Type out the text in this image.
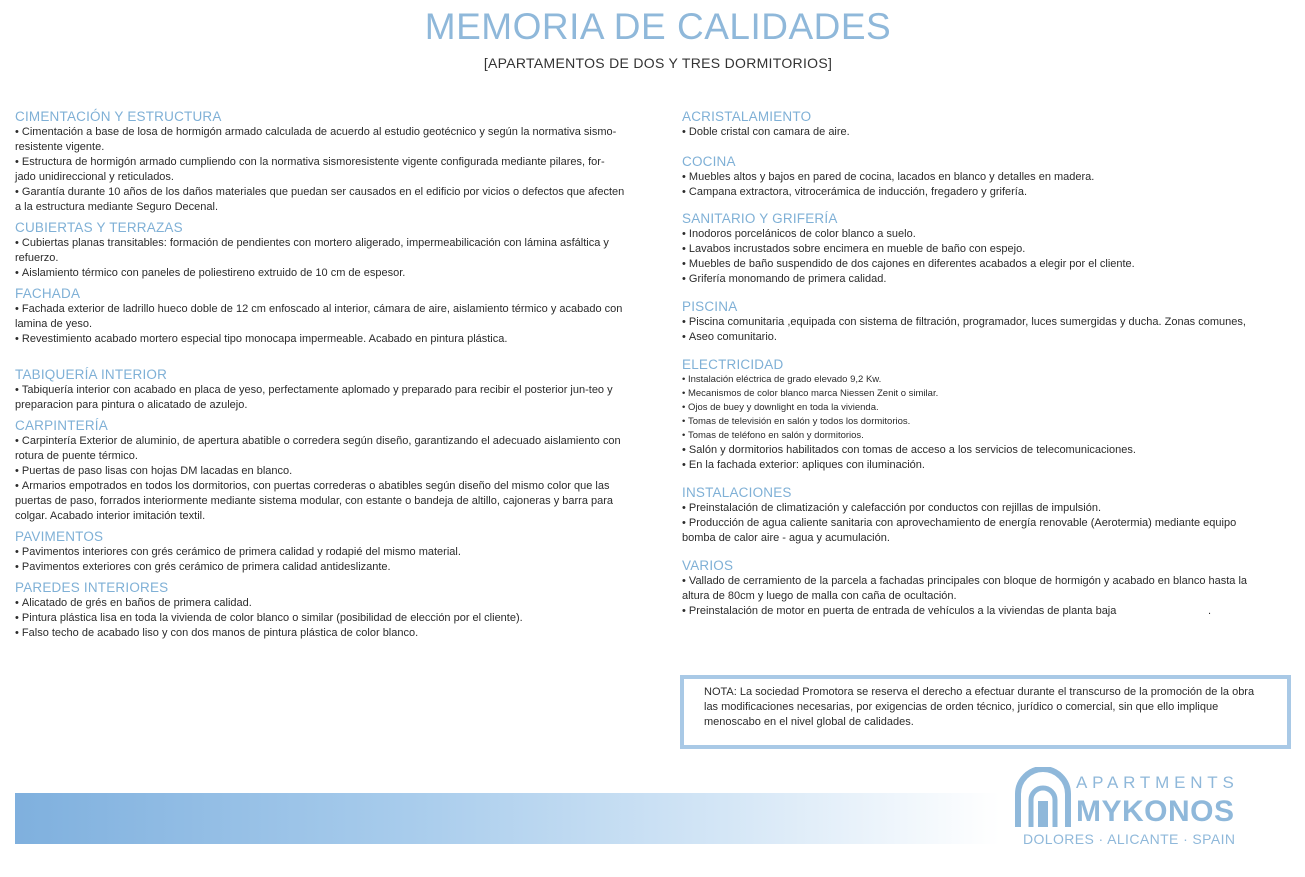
MEMORIA DE CALIDADES
[APARTAMENTOS DE DOS Y TRES DORMITORIOS]
CIMENTACIÓN Y ESTRUCTURA
• Cimentación a base de losa de hormigón armado calculada de acuerdo al estudio geotécnico y según la normativa sismo-resistente vigente.
• Estructura de hormigón armado cumpliendo con la normativa sismoresistente vigente configurada mediante pilares, for-jado unidireccional y reticulados.
• Garantía durante 10 años de los daños materiales que puedan ser causados en el edificio por vicios o defectos que afecten a la estructura mediante Seguro Decenal.
CUBIERTAS Y TERRAZAS
• Cubiertas planas transitables: formación de pendientes con mortero aligerado, impermeabilicación con lámina asfáltica y refuerzo.
• Aislamiento térmico con paneles de poliestireno extruido de 10 cm de espesor.
FACHADA
• Fachada exterior de ladrillo hueco doble de 12 cm enfoscado al interior, cámara de aire, aislamiento térmico y acabado con lamina de yeso.
• Revestimiento acabado mortero especial tipo monocapa impermeable. Acabado en pintura plástica.
TABIQUERÍA INTERIOR
• Tabiquería interior con acabado en placa de yeso, perfectamente aplomado y preparado para recibir el posterior jun-teo y preparacion para pintura o alicatado de azulejo.
CARPINTERÍA
• Carpintería Exterior de aluminio, de apertura abatible o corredera según diseño, garantizando el adecuado aislamiento con rotura de puente térmico.
• Puertas de paso lisas con hojas DM lacadas en blanco.
• Armarios empotrados en todos los dormitorios, con puertas correderas o abatibles según diseño del mismo color que las puertas de paso, forrados interiormente mediante sistema modular, con estante o bandeja de altillo, cajoneras y barra para colgar. Acabado interior imitación textil.
PAVIMENTOS
• Pavimentos interiores con grés cerámico de primera calidad y rodapié del mismo material.
• Pavimentos exteriores con grés cerámico de primera calidad antideslizante.
PAREDES INTERIORES
• Alicatado de grés en baños de primera calidad.
• Pintura plástica lisa en toda la vivienda de color blanco o similar (posibilidad de elección por el cliente).
• Falso techo de acabado liso y con dos manos de pintura plástica de color blanco.
ACRISTALAMIENTO
• Doble cristal con camara de aire.
COCINA
• Muebles altos y bajos en pared de cocina, lacados en blanco y detalles en madera.
• Campana extractora, vitrocerámica de inducción, fregadero y grifería.
SANITARIO Y GRIFERÍA
• Inodoros porcelánicos de color blanco a suelo.
• Lavabos incrustados sobre encimera en mueble de baño con espejo.
• Muebles de baño suspendido de dos cajones en diferentes acabados a elegir por el cliente.
• Grifería monomando de primera calidad.
PISCINA
• Piscina comunitaria ,equipada con sistema de filtración, programador, luces sumergidas y ducha. Zonas comunes,
• Aseo comunitario.
ELECTRICIDAD
• Instalación eléctrica de grado elevado 9,2 Kw.
• Mecanismos de color blanco marca Niessen Zenit o similar.
• Ojos de buey y downlight en toda la vivienda.
• Tomas de televisión en salón y todos los dormitorios.
• Tomas de teléfono en salón y dormitorios.
• Salón y dormitorios habilitados con tomas de acceso a los servicios de telecomunicaciones.
• En la fachada exterior: apliques con iluminación.
INSTALACIONES
• Preinstalación de climatización y calefacción por conductos con rejillas de impulsión.
• Producción de agua caliente sanitaria con aprovechamiento de energía renovable (Aerotermia) mediante equipo bomba de calor aire - agua y acumulación.
VARIOS
• Vallado de cerramiento de la parcela a fachadas principales con bloque de hormigón y acabado en blanco hasta la altura de 80cm y luego de malla con caña de ocultación.
• Preinstalación de motor en puerta de entrada de vehículos a la viviendas de planta baja                              .
NOTA: La sociedad Promotora se reserva el derecho a efectuar durante el transcurso de la promoción de la obra las modificaciones necesarias, por exigencias de orden técnico, jurídico o comercial, sin que ello implique menoscabo en el nivel global de calidades.
APARTMENTS
MYKONOS
DOLORES · ALICANTE · SPAIN
